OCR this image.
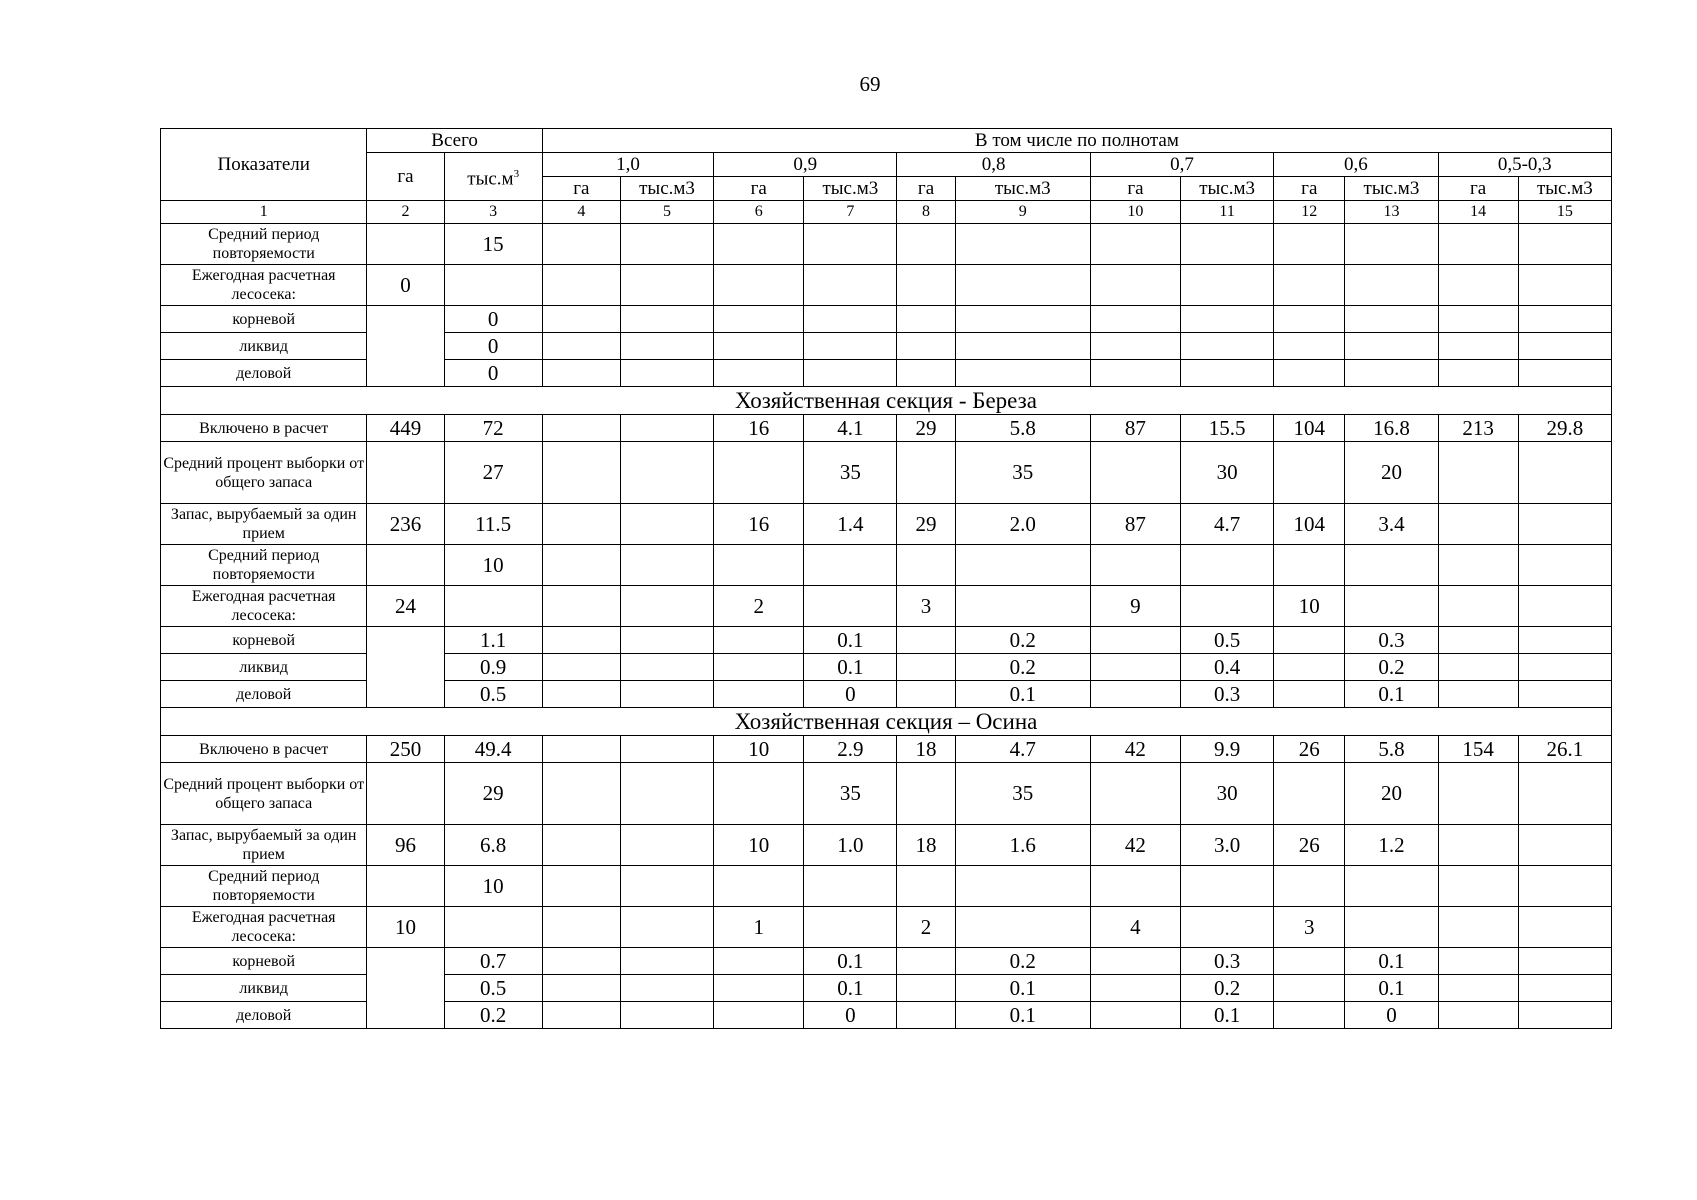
69
Показатели	Всего		В том числе по полнотам											
	га	$тыс.м^3$	1,0		0,9		0,8		0,7		0,6		0,5-0,3	
			га	тыс.м3	га	тыс.м3	га	тыс.м3	га	тыс.м3	га	тыс.м3	га	тыс.м3
1	2	3	4	5	6	7	8	9	10	11	12	13	14	15
Средний период повторяемости		15												
Ежегодная расчетная лесосека:	0													
корневой		0												
ликвид		0												
деловой		0												
Хозяйственная секция - Береза														
Включено в расчет	449	72			16	4.1	29	5.8	87	15.5	104	16.8	213	29.8
Средний процент выборки от общего запаса		27				35		35		30		20		
Запас, вырубаемый за один прием	236	11.5			16	1.4	29	2.0	87	4.7	104	3.4		
Средний период повторяемости		10												
Ежегодная расчетная лесосека:	24				2		3		9		10			
корневой		1.1				0.1		0.2		0.5		0.3		
ликвид		0.9				0.1		0.2		0.4		0.2		
деловой		0.5				0		0.1		0.3		0.1		
Хозяйственная секция – Осина														
Включено в расчет	250	49.4			10	2.9	18	4.7	42	9.9	26	5.8	154	26.1
Средний процент выборки от общего запаса		29				35		35		30		20		
Запас, вырубаемый за один прием	96	6.8			10	1.0	18	1.6	42	3.0	26	1.2		
Средний период повторяемости		10												
Ежегодная расчетная лесосека:	10				1		2		4		3			
корневой		0.7				0.1		0.2		0.3		0.1		
ликвид		0.5				0.1		0.1		0.2		0.1		
деловой		0.2				0		0.1		0.1		0		
